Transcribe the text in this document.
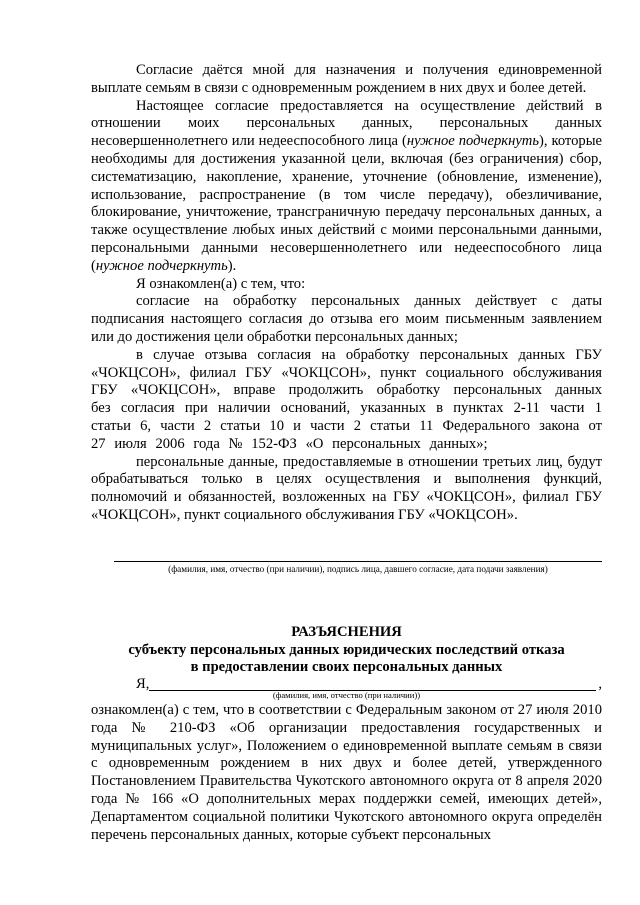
Согласие даётся мной для назначения и получения единовременной выплате семьям в связи с одновременным рождением в них двух и более детей.

Настоящее согласие предоставляется на осуществление действий в отношении моих персональных данных, персональных данных несовершеннолетнего или недееспособного лица (нужное подчеркнуть), которые необходимы для достижения указанной цели, включая (без ограничения) сбор, систематизацию, накопление, хранение, уточнение (обновление, изменение), использование, распространение (в том числе передачу), обезличивание, блокирование, уничтожение, трансграничную передачу персональных данных, а также осуществление любых иных действий с моими персональными данными, персональными данными несовершеннолетнего или недееспособного лица (нужное подчеркнуть).

Я ознакомлен(а) с тем, что:

согласие на обработку персональных данных действует с даты подписания настоящего согласия до отзыва его моим письменным заявлением или до достижения цели обработки персональных данных;

в случае отзыва согласия на обработку персональных данных ГБУ «ЧОКЦСОН», филиал ГБУ «ЧОКЦСОН», пункт социального обслуживания ГБУ «ЧОКЦСОН», вправе продолжить обработку персональных данных без согласия при наличии оснований, указанных в пунктах 2-11 части 1 статьи 6, части 2 статьи 10 и части 2 статьи 11 Федерального закона от 27 июля 2006 года № 152-ФЗ «О персональных данных»;

персональные данные, предоставляемые в отношении третьих лиц, будут обрабатываться только в целях осуществления и выполнения функций, полномочий и обязанностей, возложенных на ГБУ «ЧОКЦСОН», филиал ГБУ «ЧОКЦСОН», пункт социального обслуживания ГБУ «ЧОКЦСОН».

(фамилия, имя, отчество (при наличии), подпись лица, давшего согласие, дата подачи заявления)

РАЗЪЯСНЕНИЯ

субъекту персональных данных юридических последствий отказа

в предоставлении своих персональных данных

Я,	,
(фамилия, имя, отчество (при наличии))

ознакомлен(а) с тем, что в соответствии с Федеральным законом от 27 июля 2010 года № 210-ФЗ «Об организации предоставления государственных и муниципальных услуг», Положением о единовременной выплате семьям в связи с одновременным рождением в них двух и более детей, утвержденного Постановлением Правительства Чукотского автономного округа от 8 апреля 2020 года № 166 «О дополнительных мерах поддержки семей, имеющих детей», Департаментом социальной политики Чукотского автономного округа определён перечень персональных данных, которые субъект персональных
